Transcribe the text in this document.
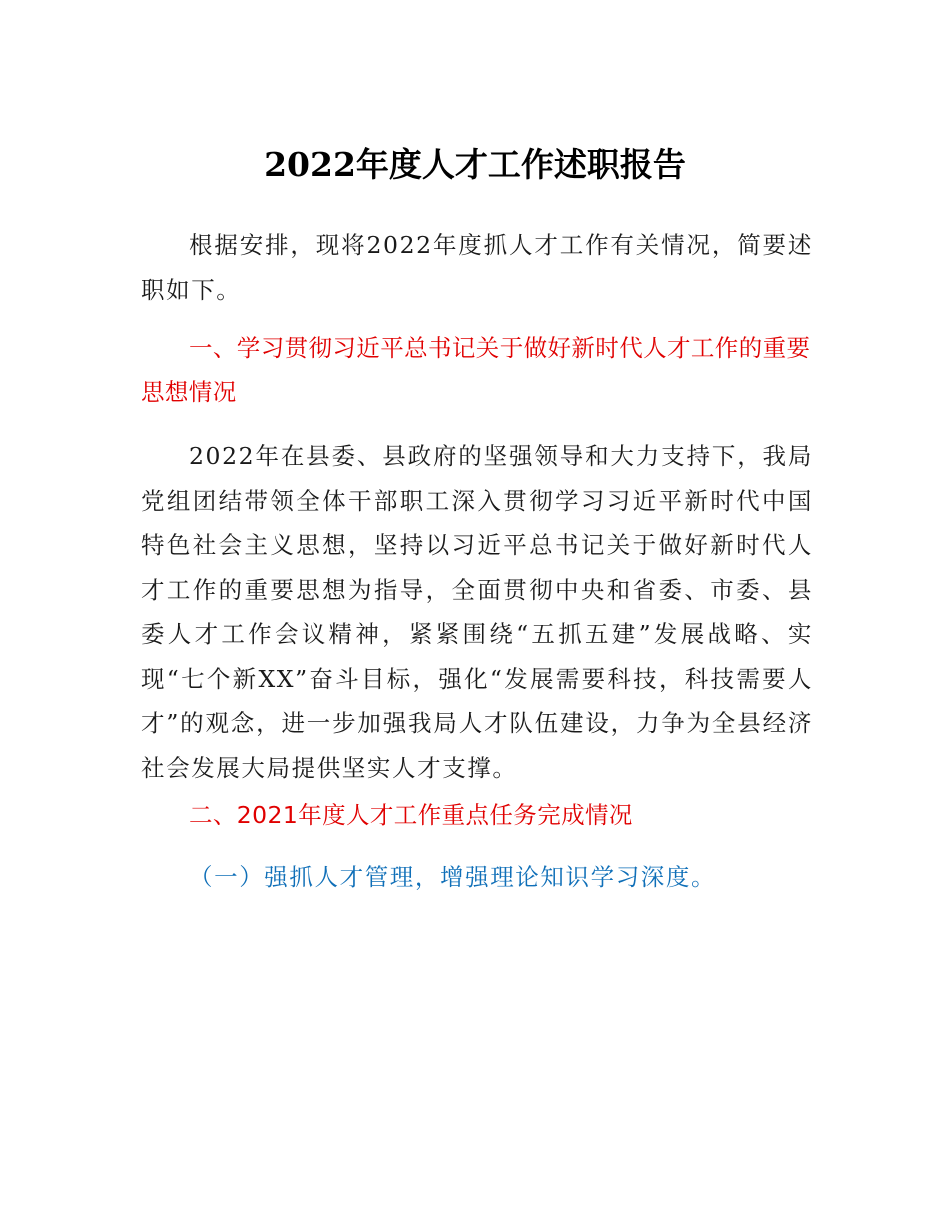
2022年度人才工作述职报告

根据安排，现将2022年度抓人才工作有关情况，简要述职如下。

一、学习贯彻习近平总书记关于做好新时代人才工作的重要思想情况

2022年在县委、县政府的坚强领导和大力支持下，我局党组团结带领全体干部职工深入贯彻学习习近平新时代中国特色社会主义思想，坚持以习近平总书记关于做好新时代人才工作的重要思想为指导，全面贯彻中央和省委、市委、县委人才工作会议精神，紧紧围绕“五抓五建”发展战略、实现“七个新XX”奋斗目标，强化“发展需要科技，科技需要人才”的观念，进一步加强我局人才队伍建设，力争为全县经济社会发展大局提供坚实人才支撑。

二、2021年度人才工作重点任务完成情况

（一）强抓人才管理，增强理论知识学习深度。
